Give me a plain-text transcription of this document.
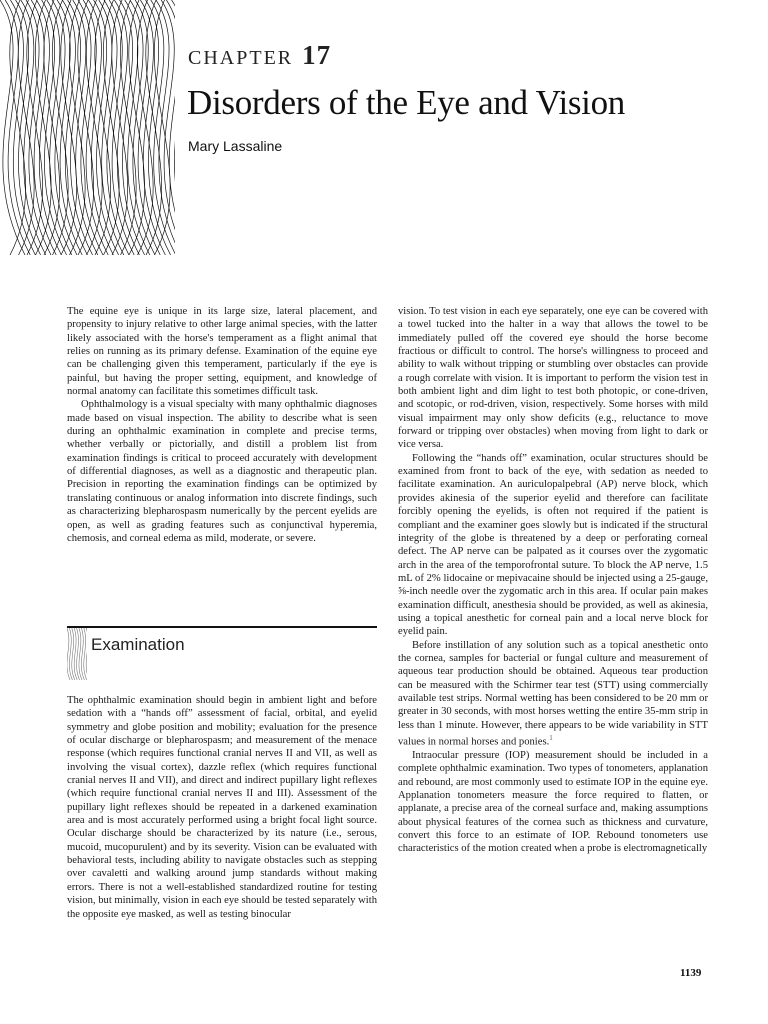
CHAPTER 17
Disorders of the Eye and Vision
Mary Lassaline

The equine eye is unique in its large size, lateral placement, and propensity to injury relative to other large animal species, with the latter likely associated with the horse's temperament as a flight animal that relies on running as its primary defense. Examination of the equine eye can be challenging given this temperament, particularly if the eye is painful, but having the proper setting, equipment, and knowledge of normal anatomy can facilitate this sometimes difficult task.

Ophthalmology is a visual specialty with many ophthalmic diagnoses made based on visual inspection. The ability to describe what is seen during an ophthalmic examination in complete and precise terms, whether verbally or pictorially, and distill a problem list from examination findings is critical to proceed accurately with development of differential diagnoses, as well as a diagnostic and therapeutic plan. Precision in reporting the examination findings can be optimized by translating continuous or analog information into discrete findings, such as characterizing blepharospasm numerically by the percent eyelids are open, as well as grading features such as conjunctival hyperemia, chemosis, and corneal edema as mild, moderate, or severe.

Examination

The ophthalmic examination should begin in ambient light and before sedation with a “hands off” assessment of facial, orbital, and eyelid symmetry and globe position and mobility; evaluation for the presence of ocular discharge or blepharospasm; and measurement of the menace response (which requires functional cranial nerves II and VII, as well as involving the visual cortex), dazzle reflex (which requires functional cranial nerves II and VII), and direct and indirect pupillary light reflexes (which require functional cranial nerves II and III). Assessment of the pupillary light reflexes should be repeated in a darkened examination area and is most accurately performed using a bright focal light source. Ocular discharge should be characterized by its nature (i.e., serous, mucoid, mucopurulent) and by its severity. Vision can be evaluated with behavioral tests, including ability to navigate obstacles such as stepping over cavaletti and walking around jump standards without making errors. There is not a well-established standardized routine for testing vision, but minimally, vision in each eye should be tested separately with the opposite eye masked, as well as testing binocular

vision. To test vision in each eye separately, one eye can be covered with a towel tucked into the halter in a way that allows the towel to be immediately pulled off the covered eye should the horse become fractious or difficult to control. The horse's willingness to proceed and ability to walk without tripping or stumbling over obstacles can provide a rough correlate with vision. It is important to perform the vision test in both ambient light and dim light to test both photopic, or cone-driven, and scotopic, or rod-driven, vision, respectively. Some horses with mild visual impairment may only show deficits (e.g., reluctance to move forward or tripping over obstacles) when moving from light to dark or vice versa.

Following the “hands off” examination, ocular structures should be examined from front to back of the eye, with sedation as needed to facilitate examination. An auriculopalpebral (AP) nerve block, which provides akinesia of the superior eyelid and therefore can facilitate forcibly opening the eyelids, is often not required if the patient is compliant and the examiner goes slowly but is indicated if the structural integrity of the globe is threatened by a deep or perforating corneal defect. The AP nerve can be palpated as it courses over the zygomatic arch in the area of the temporofrontal suture. To block the AP nerve, 1.5 mL of 2% lidocaine or mepivacaine should be injected using a 25-gauge, ⅝-inch needle over the zygomatic arch in this area. If ocular pain makes examination difficult, anesthesia should be provided, as well as akinesia, using a topical anesthetic for corneal pain and a local nerve block for eyelid pain.

Before instillation of any solution such as a topical anesthetic onto the cornea, samples for bacterial or fungal culture and measurement of aqueous tear production should be obtained. Aqueous tear production can be measured with the Schirmer tear test (STT) using commercially available test strips. Normal wetting has been considered to be 20 mm or greater in 30 seconds, with most horses wetting the entire 35-mm strip in less than 1 minute. However, there appears to be wide variability in STT values in normal horses and ponies.$^1$

Intraocular pressure (IOP) measurement should be included in a complete ophthalmic examination. Two types of tonometers, applanation and rebound, are most commonly used to estimate IOP in the equine eye. Applanation tonometers measure the force required to flatten, or applanate, a precise area of the corneal surface and, making assumptions about physical features of the cornea such as thickness and curvature, convert this force to an estimate of IOP. Rebound tonometers use characteristics of the motion created when a probe is electromagnetically

1139
